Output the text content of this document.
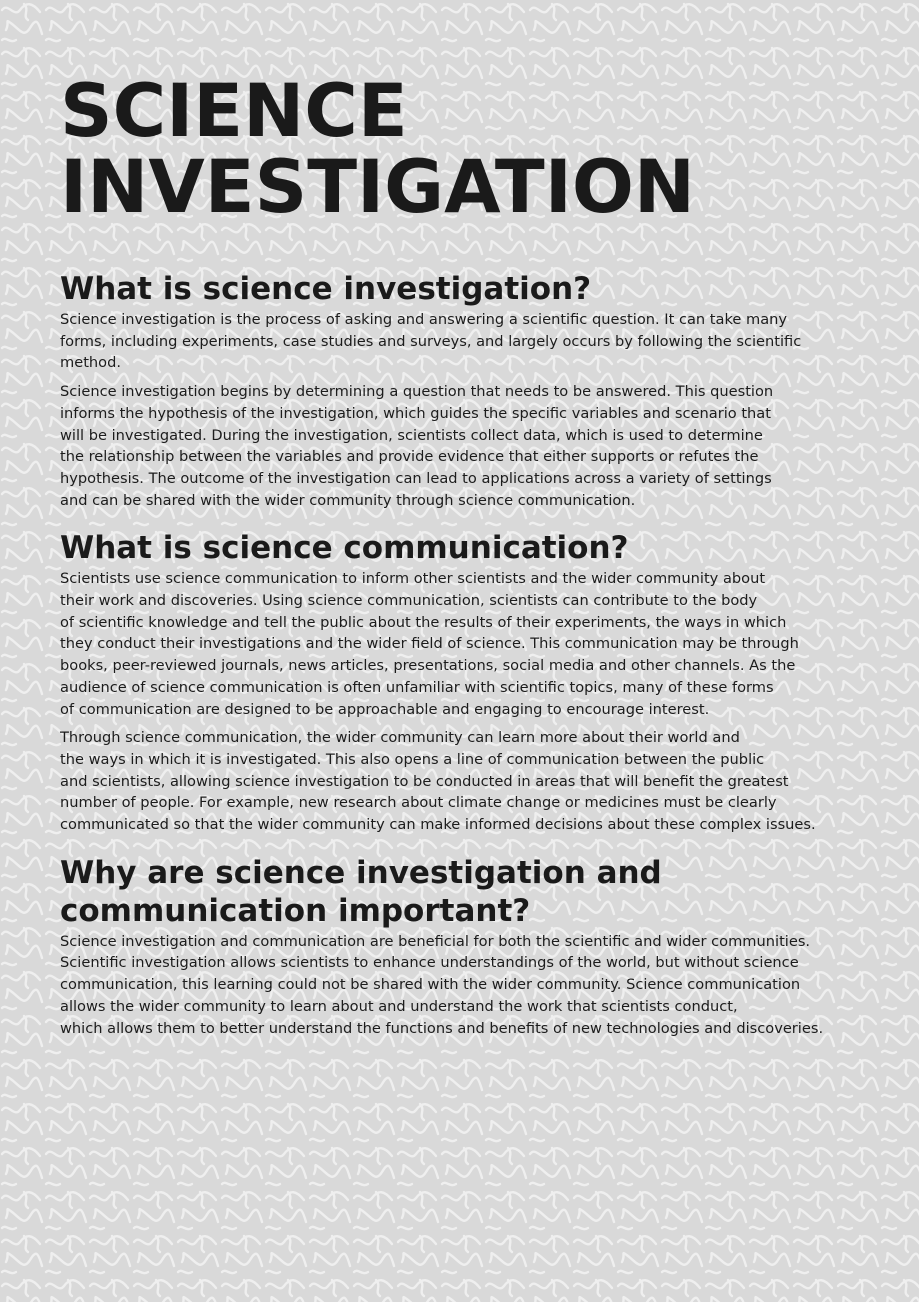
SCIENCE
INVESTIGATION
What is science investigation?

Science investigation is the process of asking and answering a scientific question. It can take many
forms, including experiments, case studies and surveys, and largely occurs by following the scientific
method.

Science investigation begins by determining a question that needs to be answered. This question
informs the hypothesis of the investigation, which guides the specific variables and scenario that
will be investigated. During the investigation, scientists collect data, which is used to determine
the relationship between the variables and provide evidence that either supports or refutes the
hypothesis. The outcome of the investigation can lead to applications across a variety of settings
and can be shared with the wider community through science communication.

What is science communication?

Scientists use science communication to inform other scientists and the wider community about
their work and discoveries. Using science communication, scientists can contribute to the body
of scientific knowledge and tell the public about the results of their experiments, the ways in which
they conduct their investigations and the wider field of science. This communication may be through
books, peer-reviewed journals, news articles, presentations, social media and other channels. As the
audience of science communication is often unfamiliar with scientific topics, many of these forms
of communication are designed to be approachable and engaging to encourage interest.

Through science communication, the wider community can learn more about their world and
the ways in which it is investigated. This also opens a line of communication between the public
and scientists, allowing science investigation to be conducted in areas that will benefit the greatest
number of people. For example, new research about climate change or medicines must be clearly
communicated so that the wider community can make informed decisions about these complex issues.

Why are science investigation and
communication important?

Science investigation and communication are beneficial for both the scientific and wider communities.
Scientific investigation allows scientists to enhance understandings of the world, but without science
communication, this learning could not be shared with the wider community. Science communication
allows the wider community to learn about and understand the work that scientists conduct,
which allows them to better understand the functions and benefits of new technologies and discoveries.
